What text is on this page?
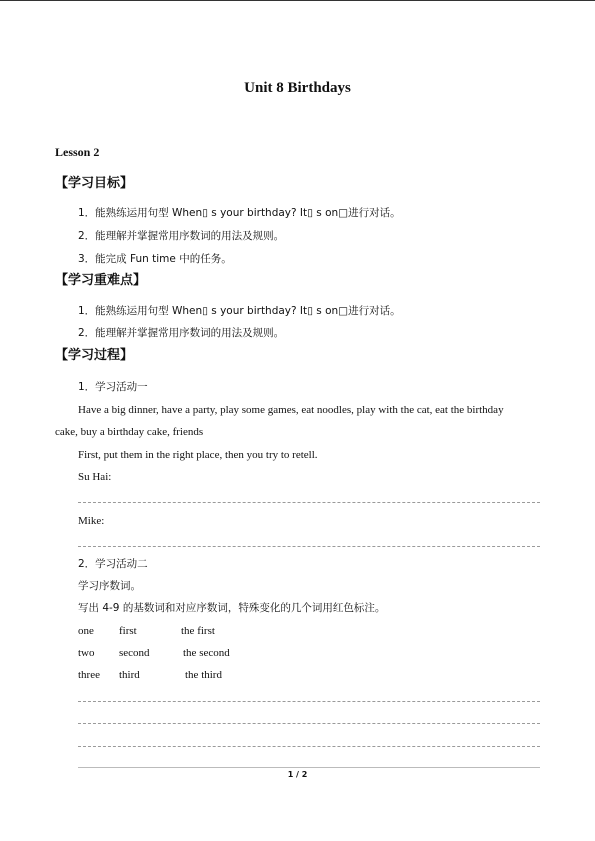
Unit 8 Birthdays
Lesson 2
【学习目标】
1．能熟练运用句型 When▯ s your birthday? It▯ s on□进行对话。
2．能理解并掌握常用序数词的用法及规则。
3．能完成 Fun time 中的任务。
【学习重难点】
1．能熟练运用句型 When▯ s your birthday? It▯ s on□进行对话。
2．能理解并掌握常用序数词的用法及规则。
【学习过程】
1．学习活动一
Have a big dinner, have a party, play some games, eat noodles, play with the cat, eat the birthday
cake, buy a birthday cake, friends
First, put them in the right place, then you try to retell.
Su Hai:
Mike:
2．学习活动二
学习序数词。
写出 4-9 的基数词和对应序数词，特殊变化的几个词用红色标注。
one first	the first
two second	the second
three third	the third
1 / 2
